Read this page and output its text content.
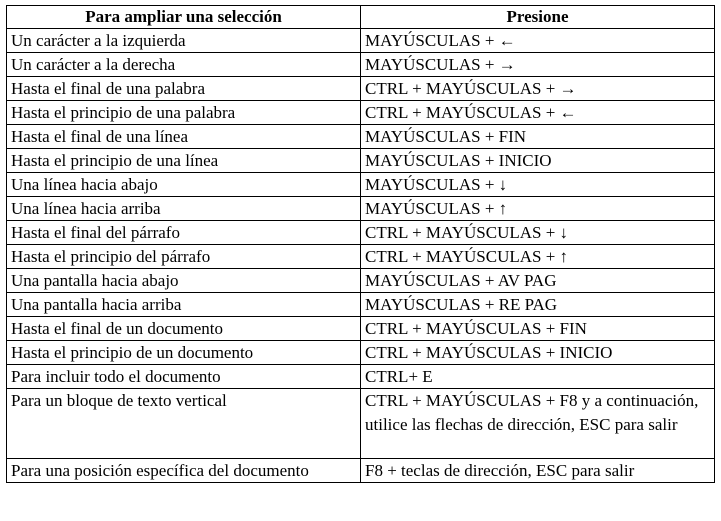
Para ampliar una selección	Presione
Un carácter a la izquierda	MAYÚSCULAS + ←
Un carácter a la derecha	MAYÚSCULAS + →
Hasta el final de una palabra	CTRL + MAYÚSCULAS + →
Hasta el principio de una palabra	CTRL + MAYÚSCULAS + ←
Hasta el final de una línea	MAYÚSCULAS + FIN
Hasta el principio de una línea	MAYÚSCULAS + INICIO
Una línea hacia abajo	MAYÚSCULAS + ↓
Una línea hacia arriba	MAYÚSCULAS + ↑
Hasta el final del párrafo	CTRL + MAYÚSCULAS + ↓
Hasta el principio del párrafo	CTRL + MAYÚSCULAS + ↑
Una pantalla hacia abajo	MAYÚSCULAS + AV PAG
Una pantalla hacia arriba	MAYÚSCULAS + RE PAG
Hasta el final de un documento	CTRL + MAYÚSCULAS + FIN
Hasta el principio de un documento	CTRL + MAYÚSCULAS + INICIO
Para incluir todo el documento	CTRL+ E
Para un bloque de texto vertical	CTRL + MAYÚSCULAS + F8 y a continuación, utilice las flechas de dirección, ESC para salir
Para una posición específica del documento	F8 + teclas de dirección, ESC para salir
